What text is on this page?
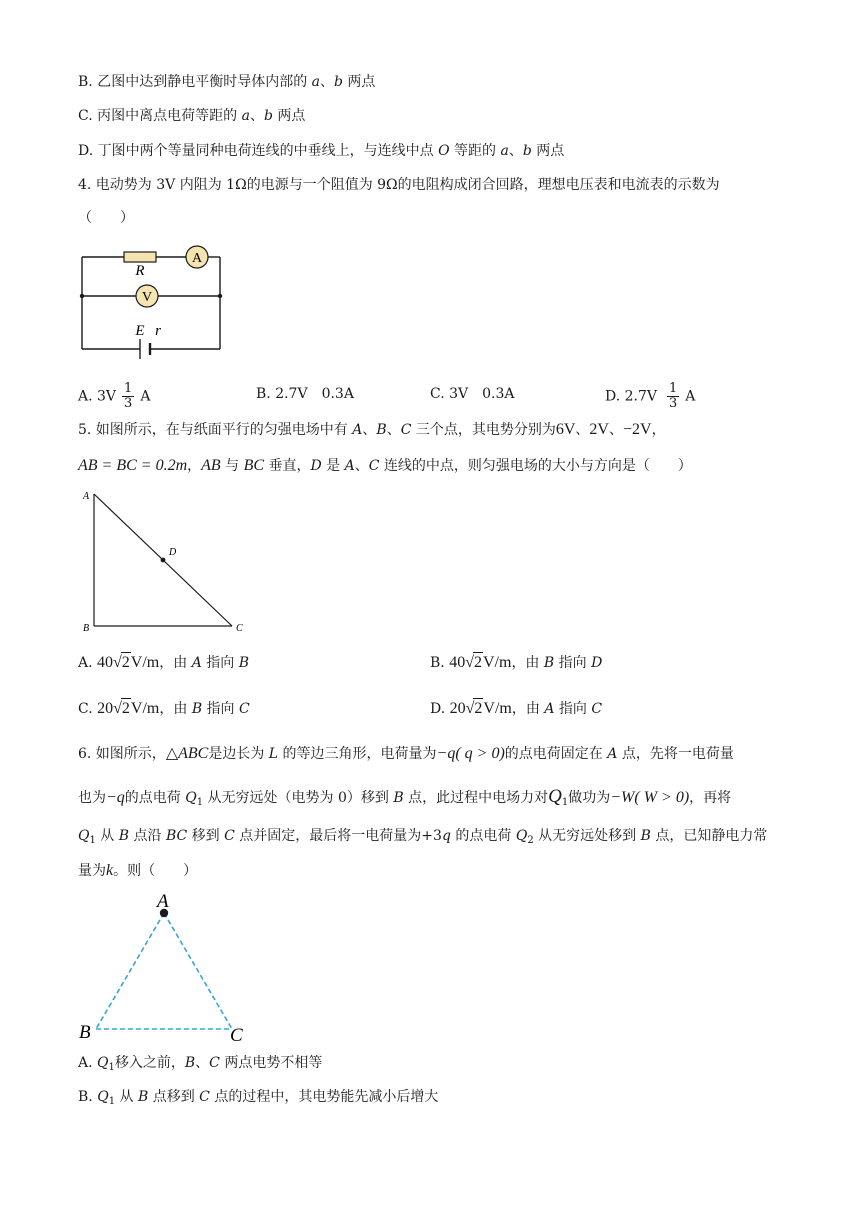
B. 乙图中达到静电平衡时导体内部的 a、b 两点
C. 丙图中离点电荷等距的 a、b 两点
D. 丁图中两个等量同种电荷连线的中垂线上，与连线中点 O 等距的 a、b 两点
4. 电动势为 3V 内阻为 1Ω的电源与一个阻值为 9Ω的电阻构成闭合回路，理想电压表和电流表的示数为
（　　）
A
V
R
E r
A. $3V \frac{1}{3}$ A	B. 2.7V　0.3A	C. 3V　0.3A	D. $2.7V \frac{1}{3}$ A
5. 如图所示，在与纸面平行的匀强电场中有 A、B、C 三个点，其电势分别为6V、2V、−2V，
AB = BC = 0.2m，AB 与 BC 垂直，D 是 A、C 连线的中点，则匀强电场的大小与方向是（　　）
A
B	C
D
A. 40√2V/m，由 A 指向 B	B. 40√2V/m，由 B 指向 D
C. 20√2V/m，由 B 指向 C	D. 20√2V/m，由 A 指向 C
6. 如图所示，△ABC是边长为 L 的等边三角形，电荷量为−q( q > 0)的点电荷固定在 A 点，先将一电荷量
也为−q的点电荷 $Q_1$ 从无穷远处（电势为 0）移到 B 点，此过程中电场力对$Q_1$做功为−W( W > 0)，再将
$Q_1$ 从 B 点沿 BC 移到 C 点并固定，最后将一电荷量为+3q 的点电荷 $Q_2$ 从无穷远处移到 B 点，已知静电力常
量为k。则（　　）
A
B	C
A. $Q_1$移入之前，B、C 两点电势不相等
B. $Q_1$ 从 B 点移到 C 点的过程中，其电势能先减小后增大
